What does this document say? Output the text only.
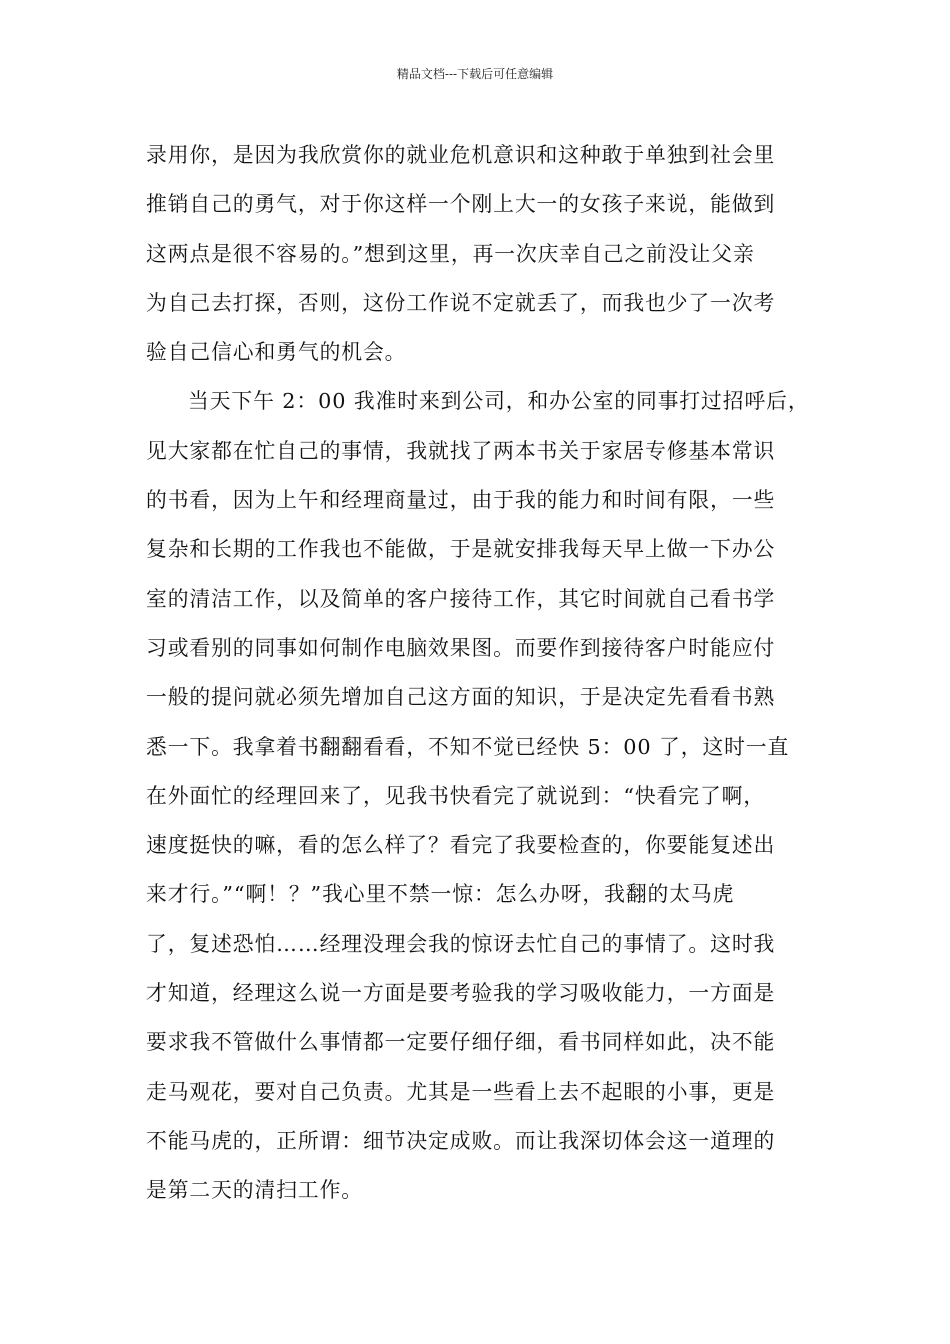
精品文档---下载后可任意编辑
录用你，是因为我欣赏你的就业危机意识和这种敢于单独到社会里
推销自己的勇气，对于你这样一个刚上大一的女孩子来说，能做到
这两点是很不容易的。”想到这里，再一次庆幸自己之前没让父亲
为自己去打探，否则，这份工作说不定就丢了，而我也少了一次考
验自己信心和勇气的机会。
当天下午 2：00 我准时来到公司，和办公室的同事打过招呼后，
见大家都在忙自己的事情，我就找了两本书关于家居专修基本常识
的书看，因为上午和经理商量过，由于我的能力和时间有限，一些
复杂和长期的工作我也不能做，于是就安排我每天早上做一下办公
室的清洁工作，以及简单的客户接待工作，其它时间就自己看书学
习或看别的同事如何制作电脑效果图。而要作到接待客户时能应付
一般的提问就必须先增加自己这方面的知识，于是决定先看看书熟
悉一下。我拿着书翻翻看看，不知不觉已经快 5：00 了，这时一直
在外面忙的经理回来了，见我书快看完了就说到：“快看完了啊，
速度挺快的嘛，看的怎么样了？看完了我要检查的，你要能复述出
来才行。”“啊！？”我心里不禁一惊：怎么办呀，我翻的太马虎
了，复述恐怕……经理没理会我的惊讶去忙自己的事情了。这时我
才知道，经理这么说一方面是要考验我的学习吸收能力，一方面是
要求我不管做什么事情都一定要仔细仔细，看书同样如此，决不能
走马观花，要对自己负责。尤其是一些看上去不起眼的小事，更是
不能马虎的，正所谓：细节决定成败。而让我深切体会这一道理的
是第二天的清扫工作。
